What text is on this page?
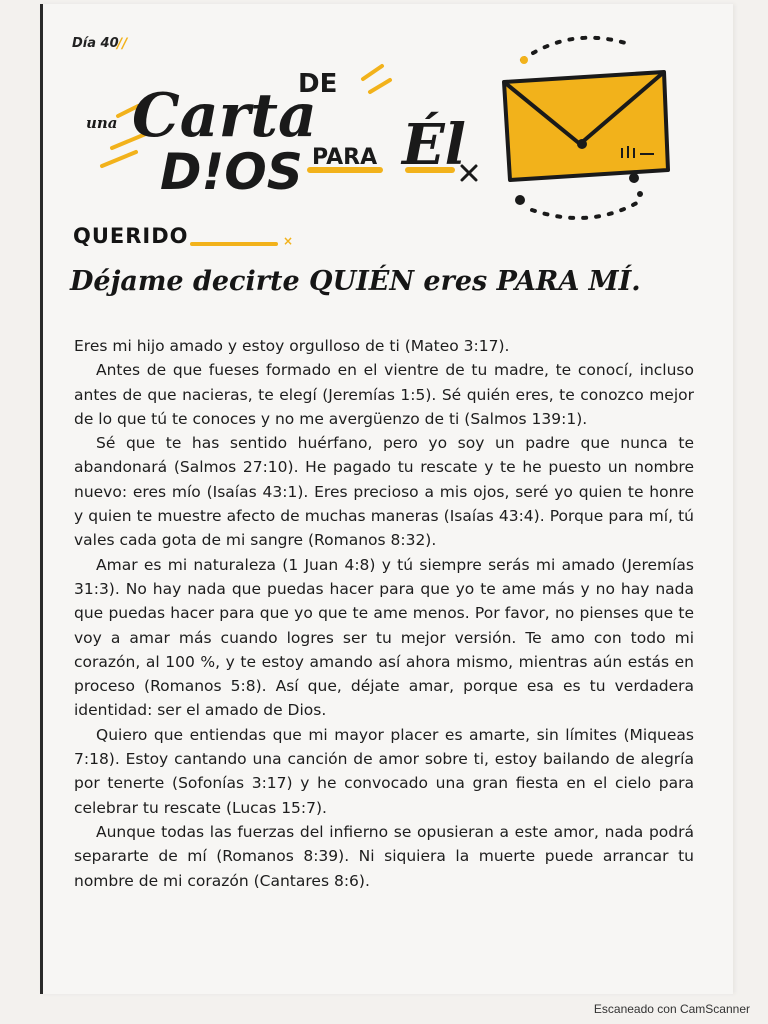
Día 40
//
una Carta
DE
D!OS PARA Él
QUERIDO	×
Déjame decirte QUIÉN eres PARA MÍ.

Eres mi hijo amado y estoy orgulloso de ti (Mateo 3:17).

Antes de que fueses formado en el vientre de tu madre, te conocí, incluso antes de que nacieras, te elegí (Jeremías 1:5). Sé quién eres, te conozco mejor de lo que tú te conoces y no me avergüenzo de ti (Salmos 139:1).

Sé que te has sentido huérfano, pero yo soy un padre que nunca te abandonará (Salmos 27:10). He pagado tu rescate y te he puesto un nombre nuevo: eres mío (Isaías 43:1). Eres precioso a mis ojos, seré yo quien te honre y quien te muestre afecto de muchas maneras (Isaías 43:4). Porque para mí, tú vales cada gota de mi sangre (Romanos 8:32).

Amar es mi naturaleza (1 Juan 4:8) y tú siempre serás mi amado (Jeremías 31:3). No hay nada que puedas hacer para que yo te ame más y no hay nada que puedas hacer para que yo que te ame menos. Por favor, no pienses que te voy a amar más cuando logres ser tu mejor versión. Te amo con todo mi corazón, al 100 %, y te estoy amando así ahora mismo, mientras aún estás en proceso (Romanos 5:8). Así que, déjate amar, porque esa es tu verdadera identidad: ser el amado de Dios.

Quiero que entiendas que mi mayor placer es amarte, sin límites (Miqueas 7:18). Estoy cantando una canción de amor sobre ti, estoy bailando de alegría por tenerte (Sofonías 3:17) y he convocado una gran fiesta en el cielo para celebrar tu rescate (Lucas 15:7).

Aunque todas las fuerzas del infierno se opusieran a este amor, nada podrá separarte de mí (Romanos 8:39). Ni siquiera la muerte puede arrancar tu nombre de mi corazón (Cantares 8:6).

Escaneado con CamScanner
